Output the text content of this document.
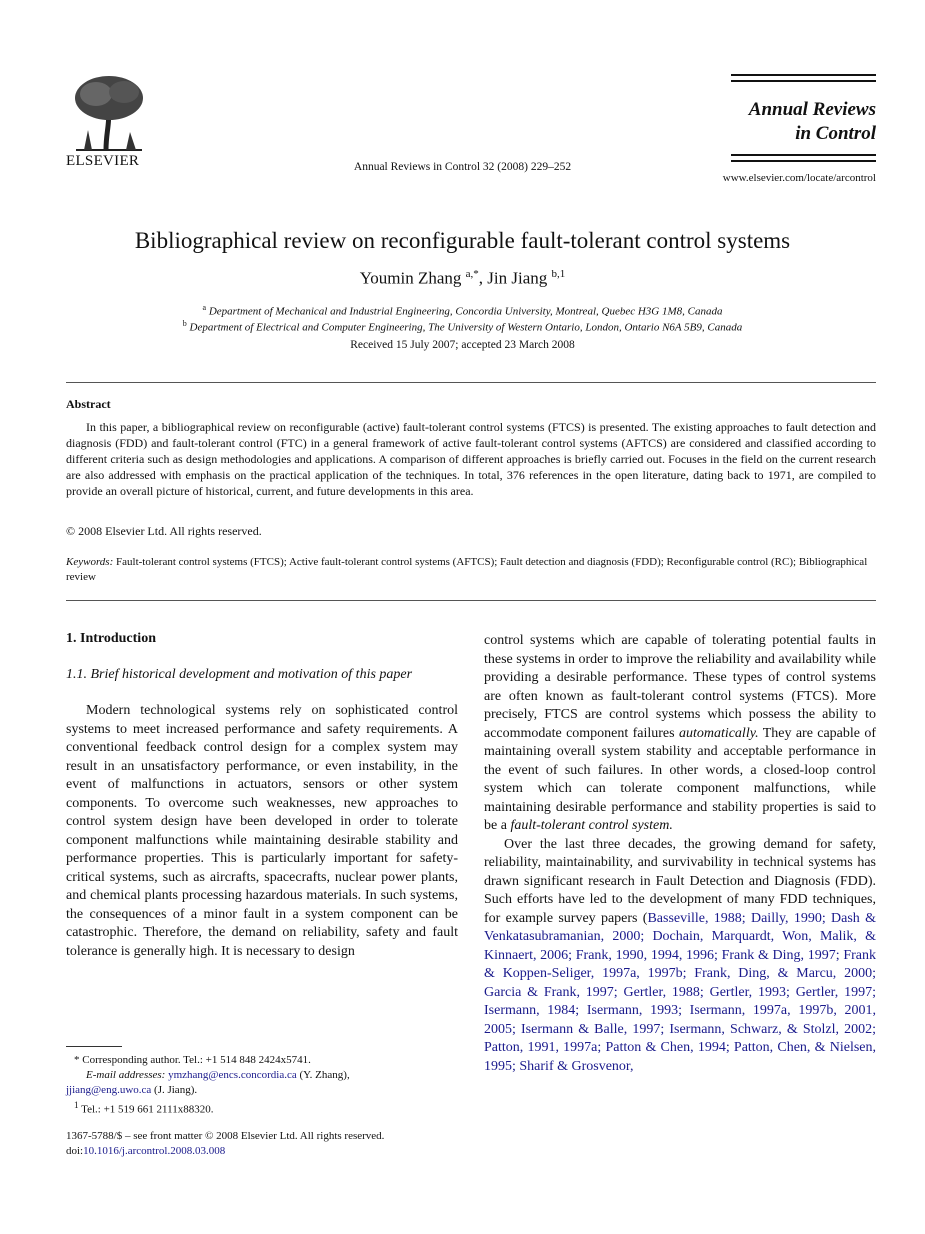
ELSEVIER	Annual Reviews in Control 32 (2008) 229–252
Annual Reviews
in Control
www.elsevier.com/locate/arcontrol
Bibliographical review on reconfigurable fault-tolerant control systems
Youmin Zhang $^{a,*}$, Jin Jiang $^{b,1}$
$^a$ Department of Mechanical and Industrial Engineering, Concordia University, Montreal, Quebec H3G 1M8, Canada
$^b$ Department of Electrical and Computer Engineering, The University of Western Ontario, London, Ontario N6A 5B9, Canada
Received 15 July 2007; accepted 23 March 2008
Abstract
In this paper, a bibliographical review on reconfigurable (active) fault-tolerant control systems (FTCS) is presented. The existing approaches to fault detection and diagnosis (FDD) and fault-tolerant control (FTC) in a general framework of active fault-tolerant control systems (AFTCS) are considered and classified according to different criteria such as design methodologies and applications. A comparison of different approaches is briefly carried out. Focuses in the field on the current research are also addressed with emphasis on the practical application of the techniques. In total, 376 references in the open literature, dating back to 1971, are compiled to provide an overall picture of historical, current, and future developments in this area.
© 2008 Elsevier Ltd. All rights reserved.
Keywords: Fault-tolerant control systems (FTCS); Active fault-tolerant control systems (AFTCS); Fault detection and diagnosis (FDD); Reconfigurable control (RC); Bibliographical review

1. Introduction

1.1. Brief historical development and motivation of this paper

Modern technological systems rely on sophisticated control systems to meet increased performance and safety requirements. A conventional feedback control design for a complex system may result in an unsatisfactory performance, or even instability, in the event of malfunctions in actuators, sensors or other system components. To overcome such weaknesses, new approaches to control system design have been developed in order to tolerate component malfunctions while maintaining desirable stability and performance properties. This is particularly important for safety-critical systems, such as aircrafts, spacecrafts, nuclear power plants, and chemical plants processing hazardous materials. In such systems, the consequences of a minor fault in a system component can be catastrophic. Therefore, the demand on reliability, safety and fault tolerance is generally high. It is necessary to design

control systems which are capable of tolerating potential faults in these systems in order to improve the reliability and availability while providing a desirable performance. These types of control systems are often known as fault-tolerant control systems (FTCS). More precisely, FTCS are control systems which possess the ability to accommodate component failures automatically. They are capable of maintaining overall system stability and acceptable performance in the event of such failures. In other words, a closed-loop control system which can tolerate component malfunctions, while maintaining desirable performance and stability properties is said to be a fault-tolerant control system.

Over the last three decades, the growing demand for safety, reliability, maintainability, and survivability in technical systems has drawn significant research in Fault Detection and Diagnosis (FDD). Such efforts have led to the development of many FDD techniques, for example survey papers (Basseville, 1988; Dailly, 1990; Dash & Venkatasubramanian, 2000; Dochain, Marquardt, Won, Malik, & Kinnaert, 2006; Frank, 1990, 1994, 1996; Frank & Ding, 1997; Frank & Koppen-Seliger, 1997a, 1997b; Frank, Ding, & Marcu, 2000; Garcia & Frank, 1997; Gertler, 1988; Gertler, 1993; Gertler, 1997; Isermann, 1984; Isermann, 1993; Isermann, 1997a, 1997b, 2001, 2005; Isermann & Balle, 1997; Isermann, Schwarz, & Stolzl, 2002; Patton, 1991, 1997a; Patton & Chen, 1994; Patton, Chen, & Nielsen, 1995; Sharif & Grosvenor,

* Corresponding author. Tel.: +1 514 848 2424x5741.

E-mail addresses: ymzhang@encs.concordia.ca (Y. Zhang),

jjiang@eng.uwo.ca (J. Jiang).

$^1$ Tel.: +1 519 661 2111x88320.

1367-5788/$ – see front matter © 2008 Elsevier Ltd. All rights reserved.

doi:10.1016/j.arcontrol.2008.03.008
